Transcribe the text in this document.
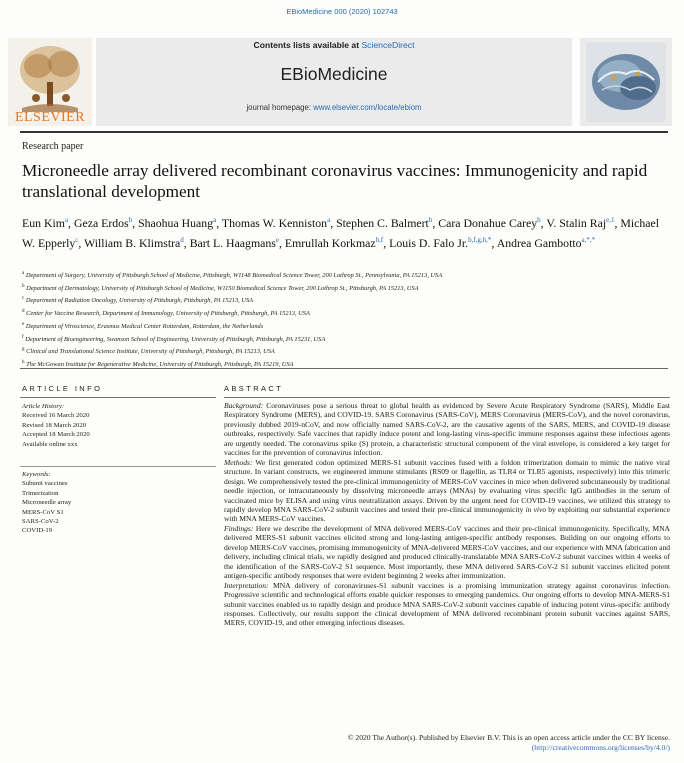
EBioMedicine 000 (2020) 102743
ELSEVIER
Contents lists available at ScienceDirect
EBioMedicine
journal homepage: www.elsevier.com/locate/ebiom
Research paper
Microneedle array delivered recombinant coronavirus vaccines: Immunogenicity and rapid translational development
Eun Kim$^a$, Geza Erdos$^b$, Shaohua Huang$^a$, Thomas W. Kenniston$^a$, Stephen C. Balmert$^b$, Cara Donahue Carey$^b$, V. Stalin Raj$^{e,1}$, Michael W. Epperly$^c$, William B. Klimstra$^d$, Bart L. Haagmans$^e$, Emrullah Korkmaz$^{b,f}$, Louis D. Falo Jr.$^{b,f,g,h,*}$, Andrea Gambotto$^{a,*,*}$
$^a$ Department of Surgery, University of Pittsburgh School of Medicine, Pittsburgh, W1148 Biomedical Science Tower, 200 Lothrop St., Pennsylvania, PA 15213, USA
$^b$ Department of Dermatology, University of Pittsburgh School of Medicine, W1150 Biomedical Science Tower, 200 Lothrop St., Pittsburgh, PA 15213, USA
$^c$ Department of Radiation Oncology, University of Pittsburgh, Pittsburgh, PA 15213, USA
$^d$ Center for Vaccine Research, Department of Immunology, University of Pittsburgh, Pittsburgh, PA 15213, USA
$^e$ Department of Viroscience, Erasmus Medical Center Rotterdam, Rotterdam, the Netherlands
$^f$ Department of Bioengineering, Swanson School of Engineering, University of Pittsburgh, Pittsburgh, PA 15231, USA
$^g$ Clinical and Translational Science Institute, University of Pittsburgh, Pittsburgh, PA 15213, USA
$^h$ The McGowan Institute for Regenerative Medicine, University of Pittsburgh, Pittsburgh, PA 15219, USA
ARTICLE INFO	ABSTRACT
Article History:
Received 16 March 2020
Revised 18 March 2020
Accepted 18 March 2020
Available online xxx
Keywords:
Subunit vaccines
Trimerization
Microneedle array
MERS-CoV S1
SARS-CoV-2
COVID-19

Background: Coronaviruses pose a serious threat to global health as evidenced by Severe Acute Respiratory Syndrome (SARS), Middle East Respiratory Syndrome (MERS), and COVID-19. SARS Coronavirus (SARS-CoV), MERS Coronavirus (MERS-CoV), and the novel coronavirus, previously dubbed 2019-nCoV, and now officially named SARS-CoV-2, are the causative agents of the SARS, MERS, and COVID-19 disease outbreaks, respectively. Safe vaccines that rapidly induce potent and long-lasting virus-specific immune responses against these infectious agents are urgently needed. The coronavirus spike (S) protein, a characteristic structural component of the viral envelope, is considered a key target for vaccines for the prevention of coronavirus infection.

Methods: We first generated codon optimized MERS-S1 subunit vaccines fused with a foldon trimerization domain to mimic the native viral structure. In variant constructs, we engineered immune stimulants (RS09 or flagellin, as TLR4 or TLR5 agonists, respectively) into this trimeric design. We comprehensively tested the pre-clinical immunogenicity of MERS-CoV vaccines in mice when delivered subcutaneously by traditional needle injection, or intracutaneously by dissolving microneedle arrays (MNAs) by evaluating virus specific IgG antibodies in the serum of vaccinated mice by ELISA and using virus neutralization assays. Driven by the urgent need for COVID-19 vaccines, we utilized this strategy to rapidly develop MNA SARS-CoV-2 subunit vaccines and tested their pre-clinical immunogenicity in vivo by exploiting our substantial experience with MNA MERS-CoV vaccines.

Findings: Here we describe the development of MNA delivered MERS-CoV vaccines and their pre-clinical immunogenicity. Specifically, MNA delivered MERS-S1 subunit vaccines elicited strong and long-lasting antigen-specific antibody responses. Building on our ongoing efforts to develop MERS-CoV vaccines, promising immunogenicity of MNA-delivered MERS-CoV vaccines, and our experience with MNA fabrication and delivery, including clinical trials, we rapidly designed and produced clinically-translatable MNA SARS-CoV-2 subunit vaccines within 4 weeks of the identification of the SARS-CoV-2 S1 sequence. Most importantly, these MNA delivered SARS-CoV-2 S1 subunit vaccines elicited potent antigen-specific antibody responses that were evident beginning 2 weeks after immunization.

Interpretation: MNA delivery of coronaviruses-S1 subunit vaccines is a promising immunization strategy against coronavirus infection. Progressive scientific and technological efforts enable quicker responses to emerging pandemics. Our ongoing efforts to develop MNA-MERS-S1 subunit vaccines enabled us to rapidly design and produce MNA SARS-CoV-2 subunit vaccines capable of inducing potent virus-specific antibody responses. Collectively, our results support the clinical development of MNA delivered recombinant protein subunit vaccines against SARS, MERS, COVID-19, and other emerging infectious diseases.

© 2020 The Author(s). Published by Elsevier B.V. This is an open access article under the CC BY license.
(http://creativecommons.org/licenses/by/4.0/)
